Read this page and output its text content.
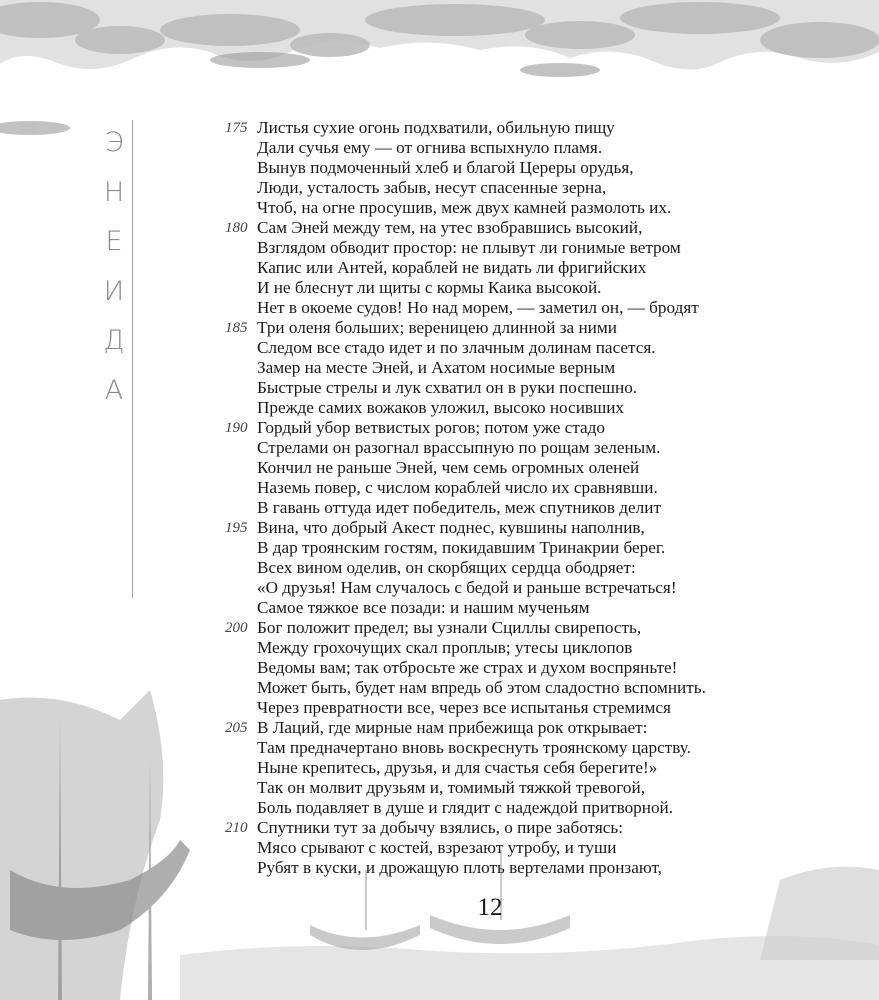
Э
Н
Е
И
Д
А
175 Листья сухие огонь подхватили, обильную пищу
Дали сучья ему — от огнива вспыхнуло пламя.
Вынув подмоченный хлеб и благой Цереры орудья,
Люди, усталость забыв, несут спасенные зерна,
Чтоб, на огне просушив, меж двух камней размолоть их.
180 Сам Эней между тем, на утес взобравшись высокий,
Взглядом обводит простор: не плывут ли гонимые ветром
Капис или Антей, кораблей не видать ли фригийских
И не блеснут ли щиты с кормы Каика высокой.
Нет в окоеме судов! Но над морем, — заметил он, — бродят
185 Три оленя больших; вереницею длинной за ними
Следом все стадо идет и по злачным долинам пасется.
Замер на месте Эней, и Ахатом носимые верным
Быстрые стрелы и лук схватил он в руки поспешно.
Прежде самих вожаков уложил, высоко носивших
190 Гордый убор ветвистых рогов; потом уже стадо
Стрелами он разогнал врассыпную по рощам зеленым.
Кончил не раньше Эней, чем семь огромных оленей
Наземь повер, с числом кораблей число их сравнявши.
В гавань оттуда идет победитель, меж спутников делит
195 Вина, что добрый Акест поднес, кувшины наполнив,
В дар троянским гостям, покидавшим Тринакрии берег.
Всех вином оделив, он скорбящих сердца ободряет:
«О друзья! Нам случалось с бедой и раньше встречаться!
Самое тяжкое все позади: и нашим мученьям
200 Бог положит предел; вы узнали Сциллы свирепость,
Между грохочущих скал проплыв; утесы циклопов
Ведомы вам; так отбросьте же страх и духом воспряньте!
Может быть, будет нам впредь об этом сладостно вспомнить.
Через превратности все, через все испытанья стремимся
205 В Лаций, где мирные нам прибежища рок открывает:
Там предначертано вновь воскреснуть троянскому царству.
Ныне крепитесь, друзья, и для счастья себя берегите!»
Так он молвит друзьям и, томимый тяжкой тревогой,
Боль подавляет в душе и глядит с надеждой притворной.
210 Спутники тут за добычу взялись, о пире заботясь:
Мясо срывают с костей, взрезают утробу, и туши
Рубят в куски, и дрожащую плоть вертелами пронзают,
12
